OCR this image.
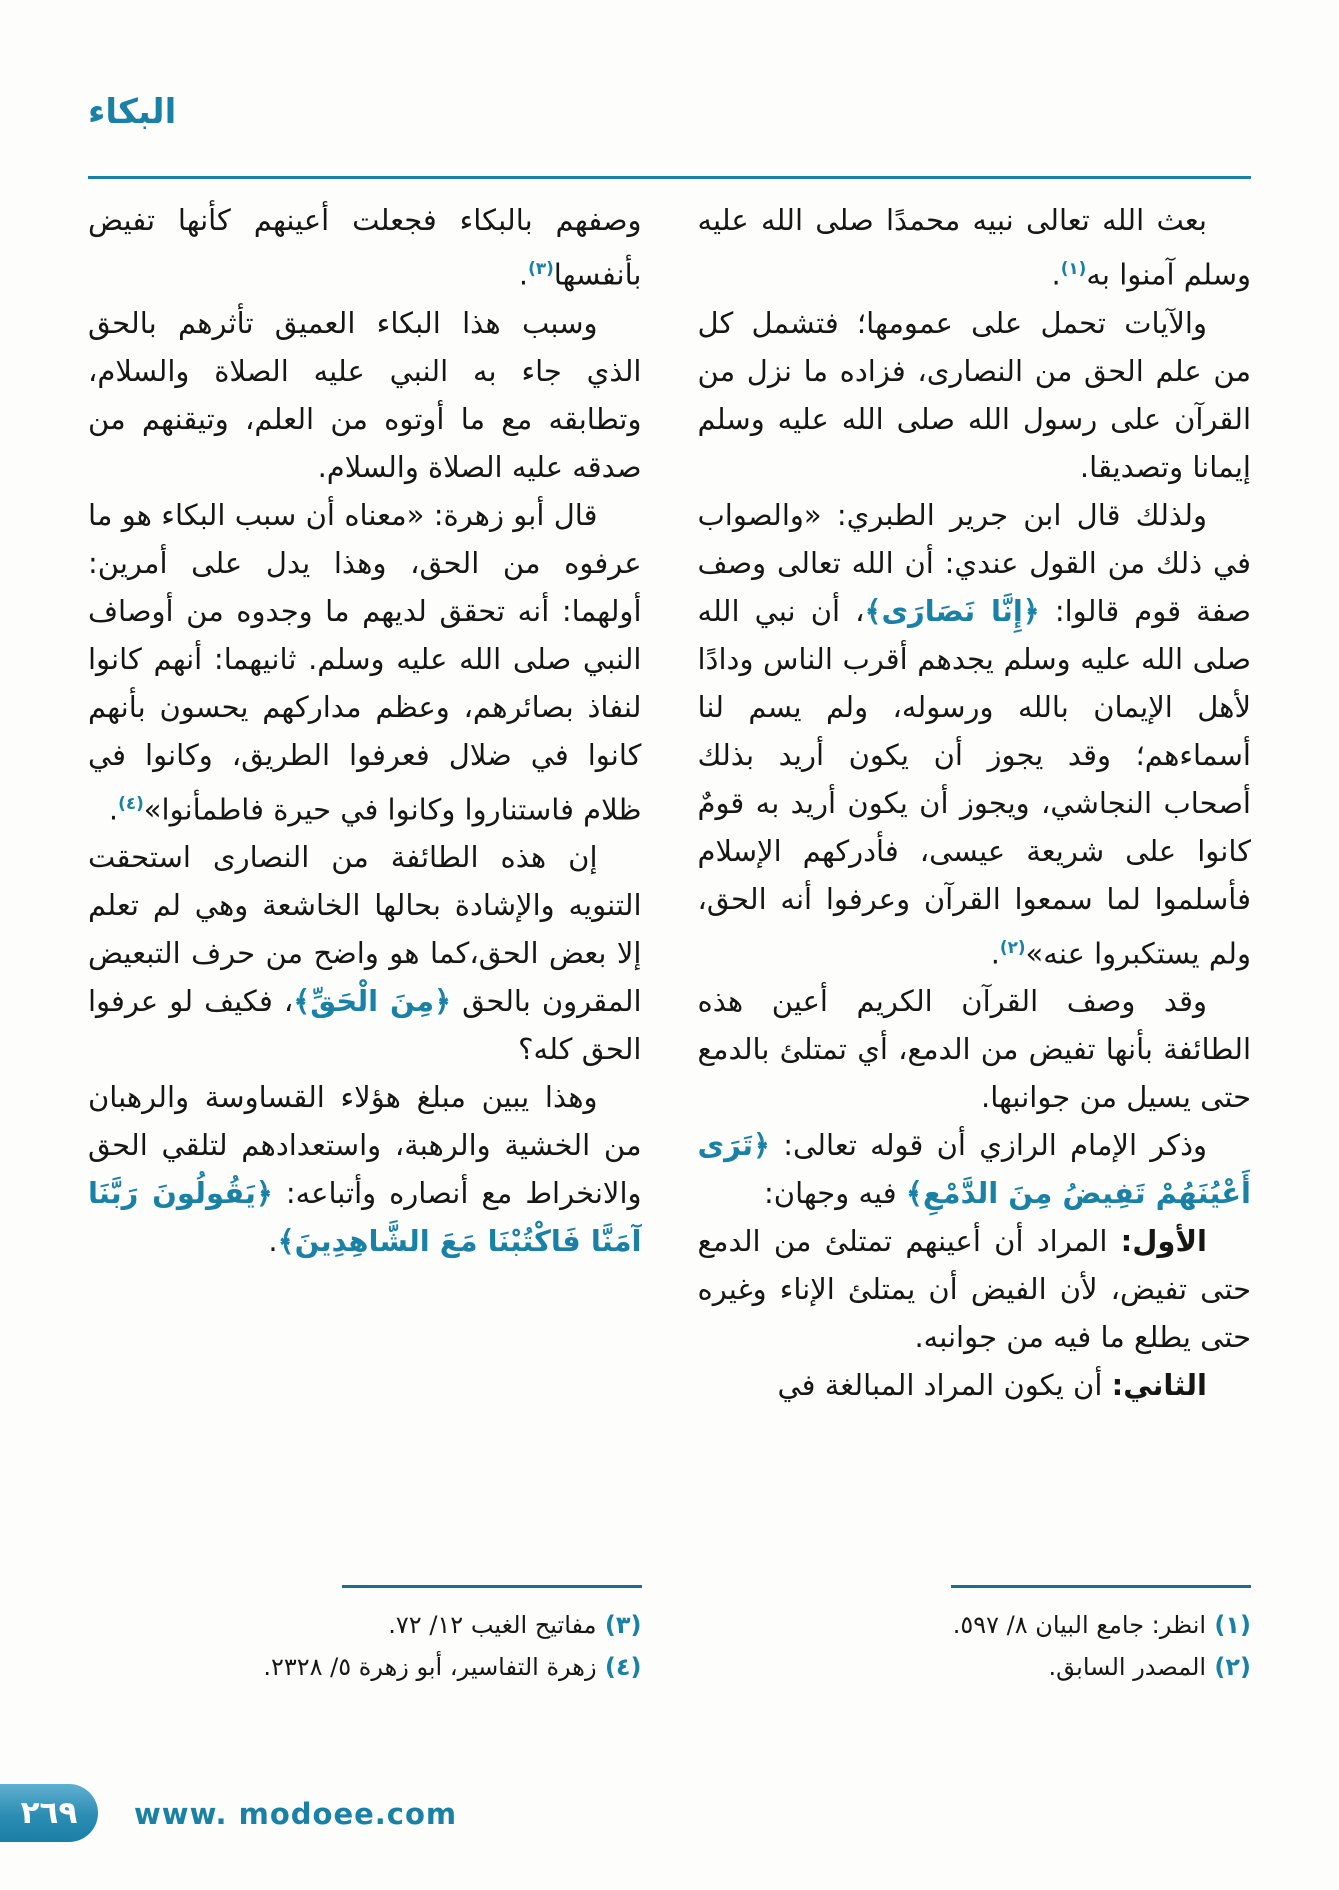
البكاء

بعث الله تعالى نبيه محمدًا صلى الله عليه وسلم آمنوا به$^{(١)}$.

والآيات تحمل على عمومها؛ فتشمل كل من علم الحق من النصارى، فزاده ما نزل من القرآن على رسول الله صلى الله عليه وسلم إيمانا وتصديقا.

ولذلك قال ابن جرير الطبري: «والصواب في ذلك من القول عندي: أن الله تعالى وصف صفة قوم قالوا: ﴿إِنَّا نَصَارَى﴾، أن نبي الله صلى الله عليه وسلم يجدهم أقرب الناس ودادًا لأهل الإيمان بالله ورسوله، ولم يسم لنا أسماءهم؛ وقد يجوز أن يكون أريد بذلك أصحاب النجاشي، ويجوز أن يكون أريد به قومٌ كانوا على شريعة عيسى، فأدركهم الإسلام فأسلموا لما سمعوا القرآن وعرفوا أنه الحق، ولم يستكبروا عنه»$^{(٢)}$.

وقد وصف القرآن الكريم أعين هذه الطائفة بأنها تفيض من الدمع، أي تمتلئ بالدمع حتى يسيل من جوانبها.

وذكر الإمام الرازي أن قوله تعالى: ﴿تَرَى أَعْيُنَهُمْ تَفِيضُ مِنَ الدَّمْعِ﴾ فيه وجهان:

الأول: المراد أن أعينهم تمتلئ من الدمع حتى تفيض، لأن الفيض أن يمتلئ الإناء وغيره حتى يطلع ما فيه من جوانبه.

الثاني: أن يكون المراد المبالغة في

وصفهم بالبكاء فجعلت أعينهم كأنها تفيض بأنفسها$^{(٣)}$.

وسبب هذا البكاء العميق تأثرهم بالحق الذي جاء به النبي عليه الصلاة والسلام، وتطابقه مع ما أوتوه من العلم، وتيقنهم من صدقه عليه الصلاة والسلام.

قال أبو زهرة: «معناه أن سبب البكاء هو ما عرفوه من الحق، وهذا يدل على أمرين: أولهما: أنه تحقق لديهم ما وجدوه من أوصاف النبي صلى الله عليه وسلم. ثانيهما: أنهم كانوا لنفاذ بصائرهم، وعظم مداركهم يحسون بأنهم كانوا في ضلال فعرفوا الطريق، وكانوا في ظلام فاستناروا وكانوا في حيرة فاطمأنوا»$^{(٤)}$.

إن هذه الطائفة من النصارى استحقت التنويه والإشادة بحالها الخاشعة وهي لم تعلم إلا بعض الحق،كما هو واضح من حرف التبعيض المقرون بالحق ﴿مِنَ الْحَقِّ﴾، فكيف لو عرفوا الحق كله؟

وهذا يبين مبلغ هؤلاء القساوسة والرهبان من الخشية والرهبة، واستعدادهم لتلقي الحق والانخراط مع أنصاره وأتباعه: ﴿يَقُولُونَ رَبَّنَا آمَنَّا فَاكْتُبْنَا مَعَ الشَّاهِدِينَ﴾.

(١) انظر: جامع البيان ٨/ ٥٩٧.
(٢) المصدر السابق.
(٣) مفاتيح الغيب ١٢/ ٧٢.
(٤) زهرة التفاسير، أبو زهرة ٥/ ٢٣٢٨.
٢٦٩ www. modoee.com
